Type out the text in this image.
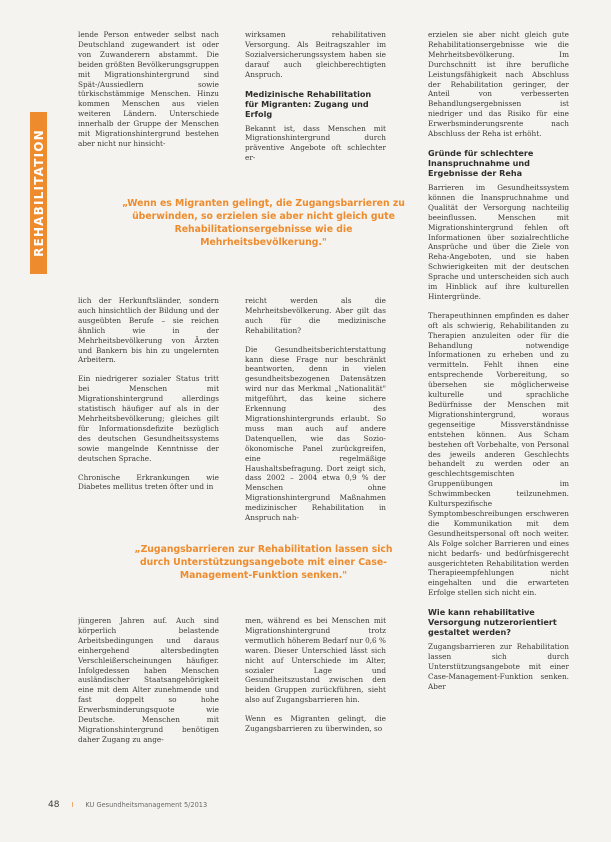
REHABILITATION

lende Person entweder selbst nach Deutschland zugewandert ist oder von Zuwanderern abstammt. Die beiden größten Bevölkerungsgruppen mit Migrationshintergrund sind Spät-/Aussiedlern sowie türkischstämmige Menschen. Hinzu kommen Menschen aus vielen weiteren Ländern. Unterschiede innerhalb der Gruppe der Menschen mit Migrationshintergrund bestehen aber nicht nur hinsicht-

lich der Herkunftsländer, sondern auch hinsichtlich der Bildung und der ausgeübten Berufe – sie reichen ähnlich wie in der Mehrheitsbevölkerung von Ärzten und Bankern bis hin zu ungelernten Arbeitern.

Ein niedrigerer sozialer Status tritt bei Menschen mit Migrationshintergrund allerdings statistisch häufiger auf als in der Mehrheitsbevölkerung; gleiches gilt für Informationsdefizite bezüglich des deutschen Gesundheitssystems sowie mangelnde Kenntnisse der deutschen Sprache.

Chronische Erkrankungen wie Diabetes mellitus treten öfter und in

jüngeren Jahren auf. Auch sind körperlich belastende Arbeitsbedingungen und daraus einhergehend altersbedingten Verschleißerscheinungen häufiger. Infolgedessen haben Menschen ausländischer Staatsangehörigkeit eine mit dem Alter zunehmende und fast doppelt so hohe Erwerbsminderungsquote wie Deutsche. Menschen mit Migrationshintergrund benötigen daher Zugang zu ange-

wirksamen rehabilitativen Versorgung. Als Beitragszahler im Sozialversicherungssystem haben sie darauf auch gleichberechtigten Anspruch.

Medizinische Rehabilitation für Migranten: Zugang und Erfolg

Bekannt ist, dass Menschen mit Migrationshintergrund durch präventive Angebote oft schlechter er-

reicht werden als die Mehrheitsbevölkerung. Aber gilt das auch für die medizinische Rehabilitation?

Die Gesundheitsberichterstattung kann diese Frage nur beschränkt beantworten, denn in vielen gesundheitsbezogenen Datensätzen wird nur das Merkmal „Nationalität" mitgeführt, das keine sichere Erkennung des Migrationshintergrunds erlaubt. So muss man auch auf andere Datenquellen, wie das Sozio-ökonomische Panel zurückgreifen, eine regelmäßige Haushaltsbefragung. Dort zeigt sich, dass 2002 – 2004 etwa 0,9 % der Menschen ohne Migrationshintergrund Maßnahmen medizinischer Rehabilitation in Anspruch nah-

men, während es bei Menschen mit Migrationshintergrund trotz vermutlich höherem Bedarf nur 0,6 % waren. Dieser Unterschied lässt sich nicht auf Unterschiede im Alter, sozialer Lage und Gesundheitszustand zwischen den beiden Gruppen zurückführen, sieht also auf Zugangsbarrieren hin.

Wenn es Migranten gelingt, die Zugangsbarrieren zu überwinden, so

erzielen sie aber nicht gleich gute Rehabilitationsergebnisse wie die Mehrheitsbevölkerung. Im Durchschnitt ist ihre berufliche Leistungsfähigkeit nach Abschluss der Rehabilitation geringer, der Anteil von verbesserten Behandlungsergebnissen ist niedriger und das Risiko für eine Erwerbsminderungsrente nach Abschluss der Reha ist erhöht.

Gründe für schlechtere Inanspruchnahme und Ergebnisse der Reha

Barrieren im Gesundheitssystem können die Inanspruchnahme und Qualität der Versorgung nachteilig beeinflussen. Menschen mit Migrationshintergrund fehlen oft Informationen über sozialrechtliche Ansprüche und über die Ziele von Reha-Angeboten, und sie haben Schwierigkeiten mit der deutschen Sprache und unterscheiden sich auch im Hinblick auf ihre kulturellen Hintergründe.

Therapeuthinnen empfinden es daher oft als schwierig, Rehabilitanden zu Therapien anzuleiten oder für die Behandlung notwendige Informationen zu erheben und zu vermitteln. Fehlt ihnen eine entsprechende Vorbereitung, so übersehen sie möglicherweise kulturelle und sprachliche Bedürfnisse der Menschen mit Migrationshintergrund, woraus gegenseitige Missverständnisse entstehen können. Aus Scham bestehen oft Vorbehalte, von Personal des jeweils anderen Geschlechts behandelt zu werden oder an geschlechtsgemischten Gruppenübungen im Schwimmbecken teilzunehmen. Kulturspezifische Symptombeschreibungen erschweren die Kommunikation mit dem Gesundheitspersonal oft noch weiter. Als Folge solcher Barrieren und eines nicht bedarfs- und bedürfnisgerecht ausgerichteten Rehabilitation werden Therapieempfehlungen nicht eingehalten und die erwarteten Erfolge stellen sich nicht ein.

Wie kann rehabilitative Versorgung nutzerorientiert gestaltet werden?

Zugangsbarrieren zur Rehabilitation lassen sich durch Unterstützungsangebote mit einer Case-Management-Funktion senken. Aber

„Wenn es Migranten gelingt, die Zugangsbarrieren zu überwinden, so erzielen sie aber nicht gleich gute Rehabilitationsergebnisse wie die Mehrheitsbevölkerung."
„Zugangsbarrieren zur Rehabilitation lassen sich durch Unterstützungsangebote mit einer Case-Management-Funktion senken."
48 I KU Gesundheitsmanagement 5/2013
